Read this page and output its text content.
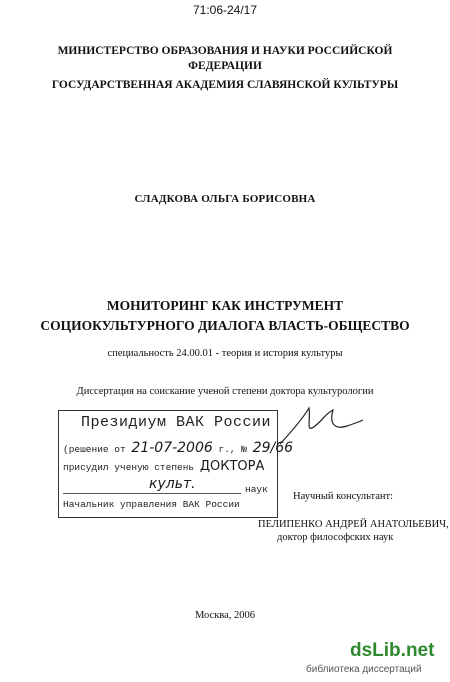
71:06-24/17
МИНИСТЕРСТВО ОБРАЗОВАНИЯ И НАУКИ РОССИЙСКОЙ
ФЕДЕРАЦИИ
ГОСУДАРСТВЕННАЯ АКАДЕМИЯ СЛАВЯНСКОЙ КУЛЬТУРЫ
СЛАДКОВА ОЛЬГА БОРИСОВНА
МОНИТОРИНГ КАК ИНСТРУМЕНТ
СОЦИОКУЛЬТУРНОГО ДИАЛОГА ВЛАСТЬ-ОБЩЕСТВО
специальность 24.00.01 - теория и история культуры
Диссертация на соискание ученой степени доктора культурологии
Президиум ВАК России
(решение от 21-07-2006 г., № 29/66
присудил ученую степень ДОКТОРА
культ.	наук
Начальник управления ВАК России
Научный консультант:
ПЕЛИПЕНКО АНДРЕЙ АНАТОЛЬЕВИЧ,
доктор философских наук
Москва, 2006
dsLib.net
библиотека диссертаций
